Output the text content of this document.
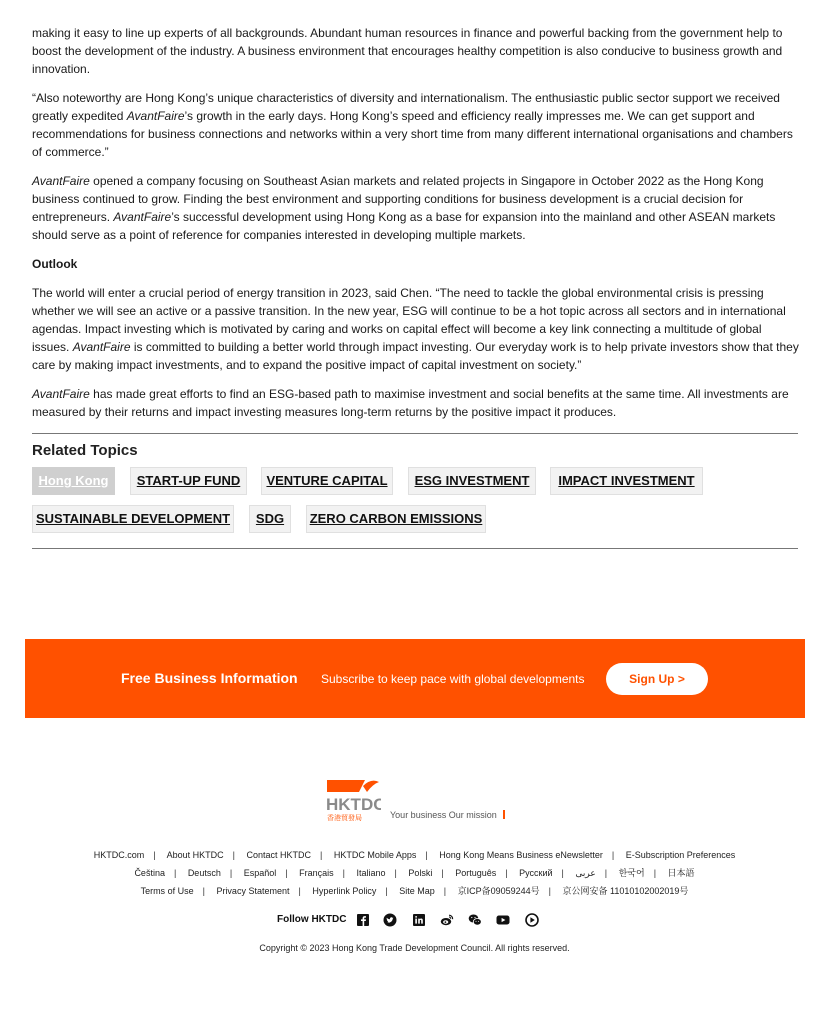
making it easy to line up experts of all backgrounds. Abundant human resources in finance and powerful backing from the government help to boost the development of the industry. A business environment that encourages healthy competition is also conducive to business growth and innovation.

“Also noteworthy are Hong Kong’s unique characteristics of diversity and internationalism. The enthusiastic public sector support we received greatly expedited AvantFaire’s growth in the early days. Hong Kong’s speed and efficiency really impresses me. We can get support and recommendations for business connections and networks within a very short time from many different international organisations and chambers of commerce.”

AvantFaire opened a company focusing on Southeast Asian markets and related projects in Singapore in October 2022 as the Hong Kong business continued to grow. Finding the best environment and supporting conditions for business development is a crucial decision for entrepreneurs. AvantFaire’s successful development using Hong Kong as a base for expansion into the mainland and other ASEAN markets should serve as a point of reference for companies interested in developing multiple markets.

Outlook

The world will enter a crucial period of energy transition in 2023, said Chen. “The need to tackle the global environmental crisis is pressing whether we will see an active or a passive transition. In the new year, ESG will continue to be a hot topic across all sectors and in international agendas. Impact investing which is motivated by caring and works on capital effect will become a key link connecting a multitude of global issues. AvantFaire is committed to building a better world through impact investing. Our everyday work is to help private investors show that they care by making impact investments, and to expand the positive impact of capital investment on society.”

AvantFaire has made great efforts to find an ESG-based path to maximise investment and social benefits at the same time. All investments are measured by their returns and impact investing measures long-term returns by the positive impact it produces.

Related Topics
Hong Kong	START-UP FUND	VENTURE CAPITAL	ESG INVESTMENT	IMPACT INVESTMENT
SUSTAINABLE DEVELOPMENT	SDG	ZERO CARBON EMISSIONS
Free Business Information Subscribe to keep pace with global developments	Sign Up >
HKTDC
香港貿發局	Your business Our mission
HKTDC.com | About HKTDC | Contact HKTDC | HKTDC Mobile Apps | Hong Kong Means Business eNewsletter | E-Subscription Preferences
Čeština | Deutsch | Español | Français | Italiano | Polski | Português | Русский | عربى | 한국어 | 日本語
Terms of Use | Privacy Statement | Hyperlink Policy | Site Map | 京ICP备09059244号 | 京公网安备 11010102002019号
Follow HKTDC
Copyright © 2023 Hong Kong Trade Development Council. All rights reserved.
